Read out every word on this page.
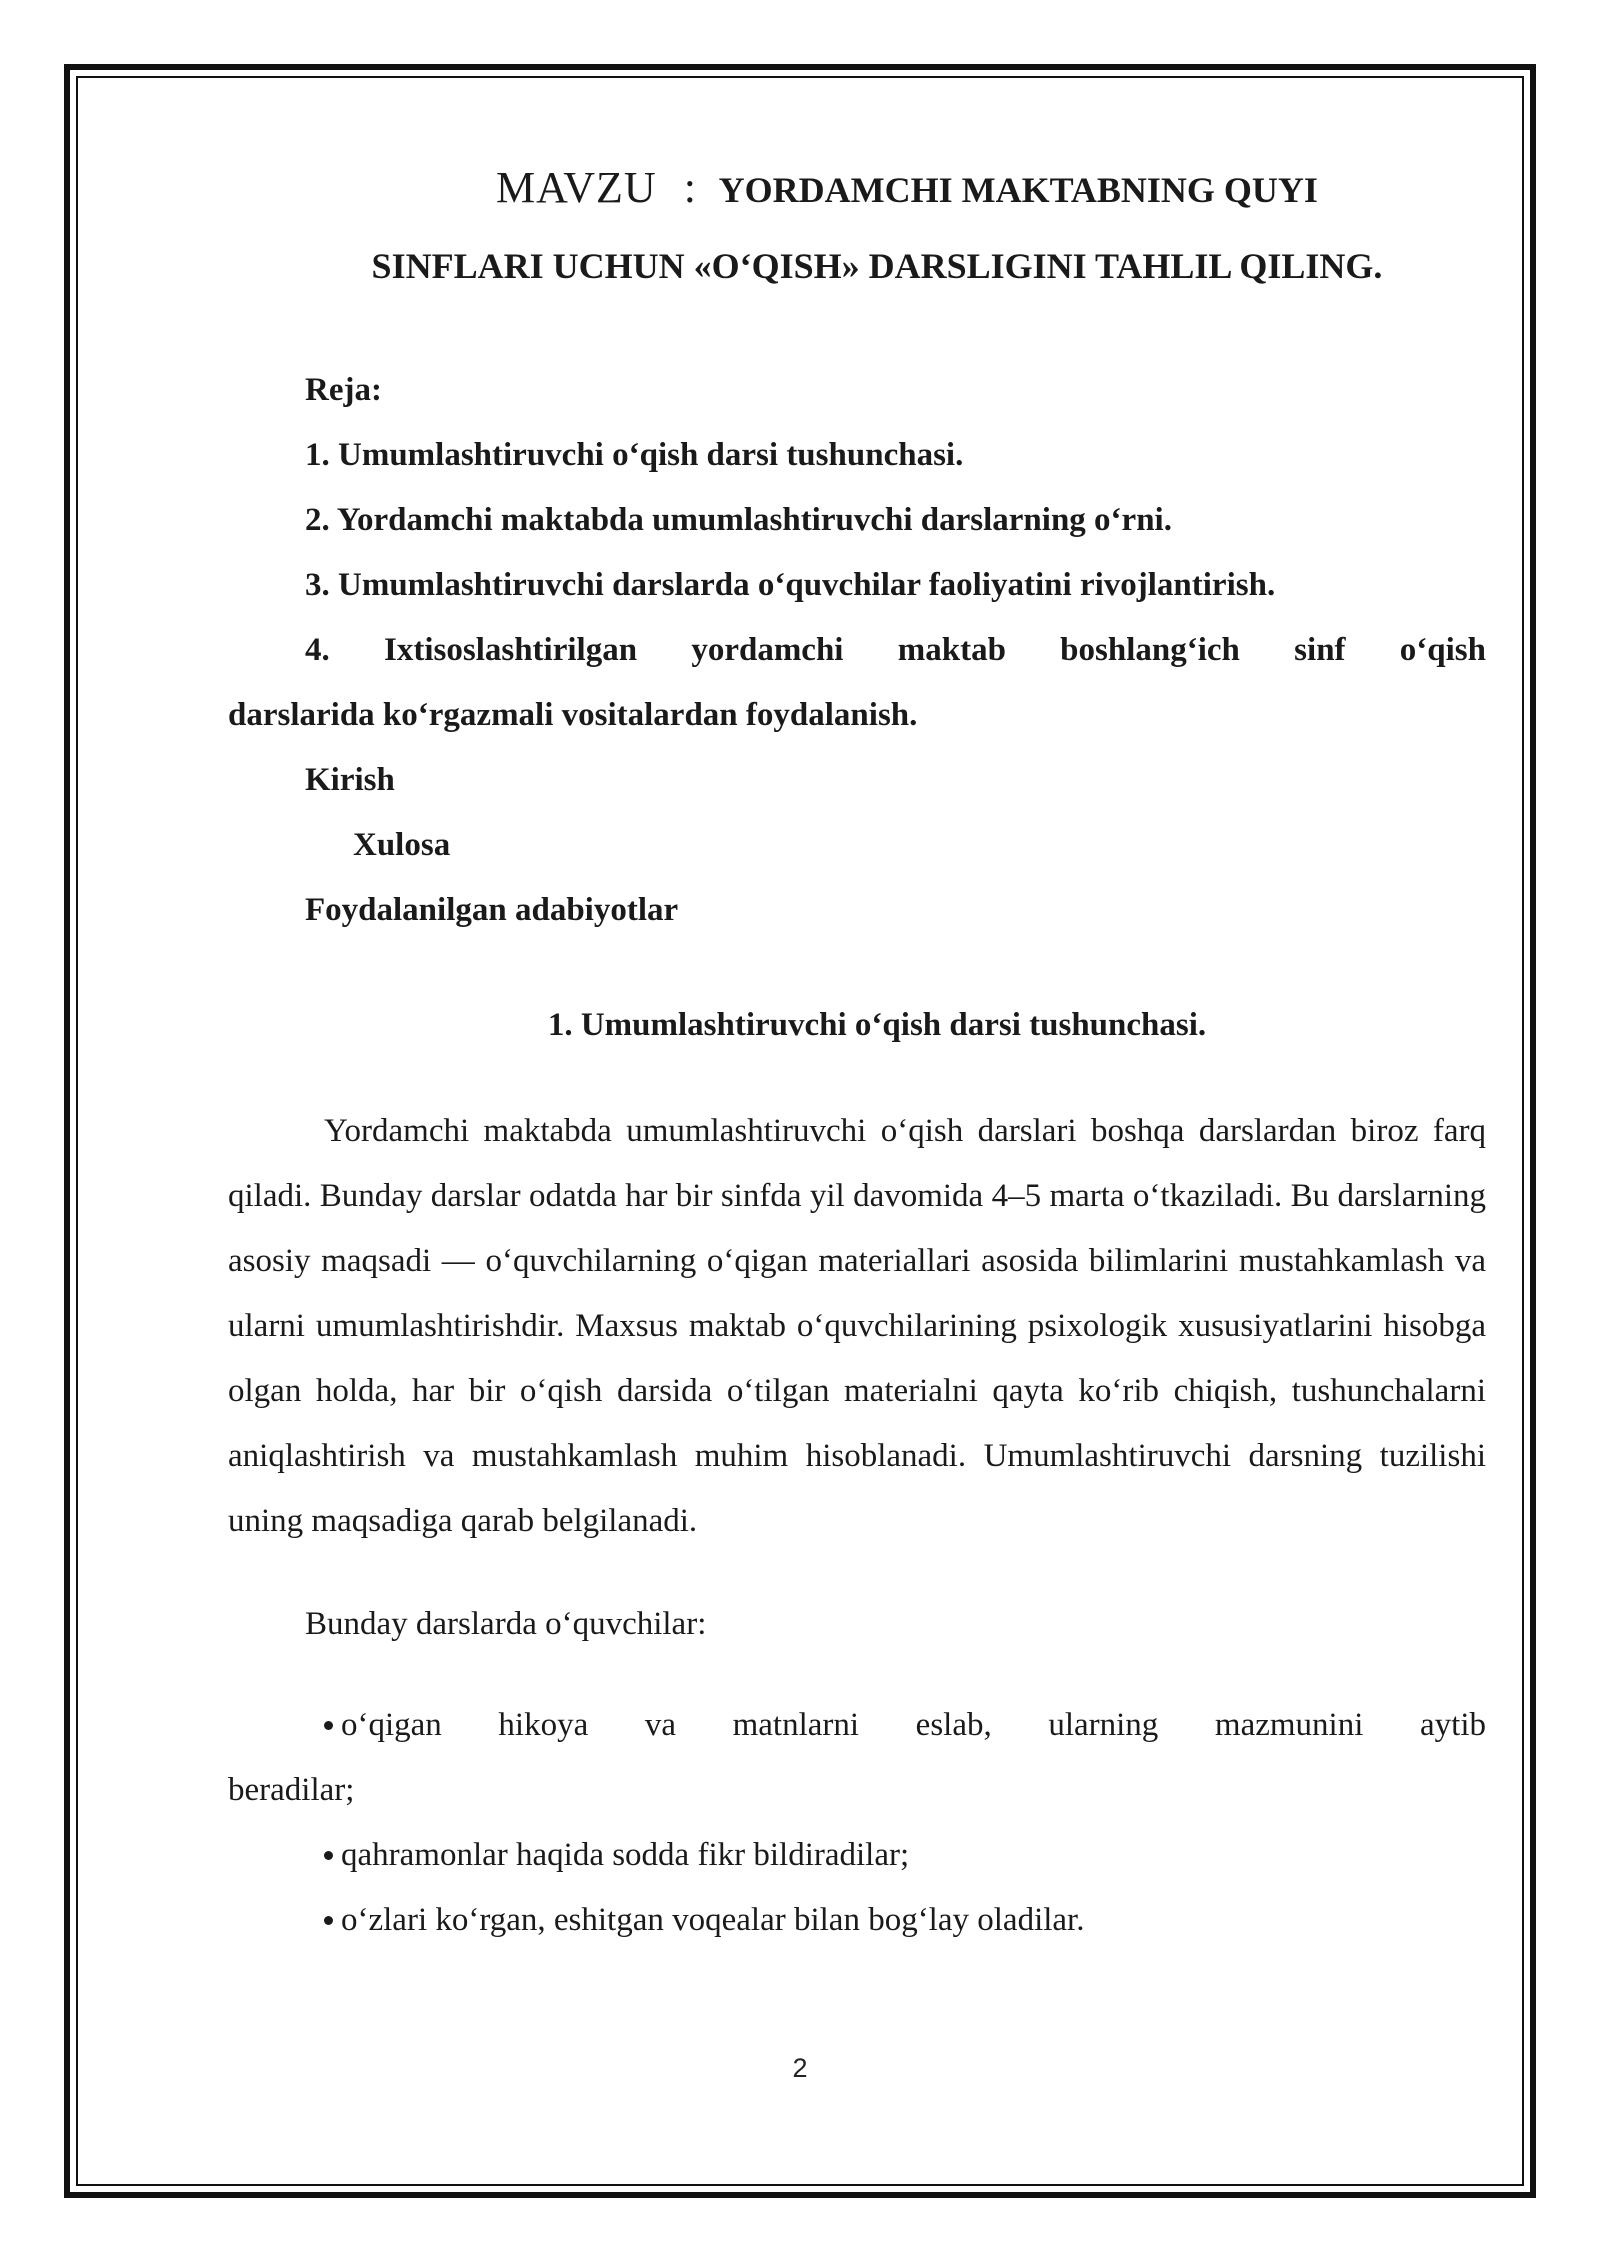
MAVZU : YORDAMCHI MAKTABNING QUYI
SINFLARI UCHUN «O‘QISH» DARSLIGINI TAHLIL QILING.
Reja:
1. Umumlashtiruvchi o‘qish darsi tushunchasi.
2. Yordamchi maktabda umumlashtiruvchi darslarning o‘rni.
3. Umumlashtiruvchi darslarda o‘quvchilar faoliyatini rivojlantirish.
4. Ixtisoslashtirilgan yordamchi maktab boshlang‘ich sinf o‘qish
darslarida ko‘rgazmali vositalardan foydalanish.
Kirish
Xulosa
Foydalanilgan adabiyotlar
1. Umumlashtiruvchi o‘qish darsi tushunchasi.
Yordamchi maktabda umumlashtiruvchi o‘qish darslari boshqa darslardan biroz farq qiladi. Bunday darslar odatda har bir sinfda yil davomida 4–5 marta o‘tkaziladi. Bu darslarning asosiy maqsadi — o‘quvchilarning o‘qigan materiallari asosida bilimlarini mustahkamlash va ularni umumlashtirishdir. Maxsus maktab o‘quvchilarining psixologik xususiyatlarini hisobga olgan holda, har bir o‘qish darsida o‘tilgan materialni qayta ko‘rib chiqish, tushunchalarni aniqlashtirish va mustahkamlash muhim hisoblanadi. Umumlashtiruvchi darsning tuzilishi uning maqsadiga qarab belgilanadi.
Bunday darslarda o‘quvchilar:
o‘qigan hikoya va matnlarni eslab, ularning mazmunini aytib
beradilar;
qahramonlar haqida sodda fikr bildiradilar;
o‘zlari ko‘rgan, eshitgan voqealar bilan bog‘lay oladilar.
2
